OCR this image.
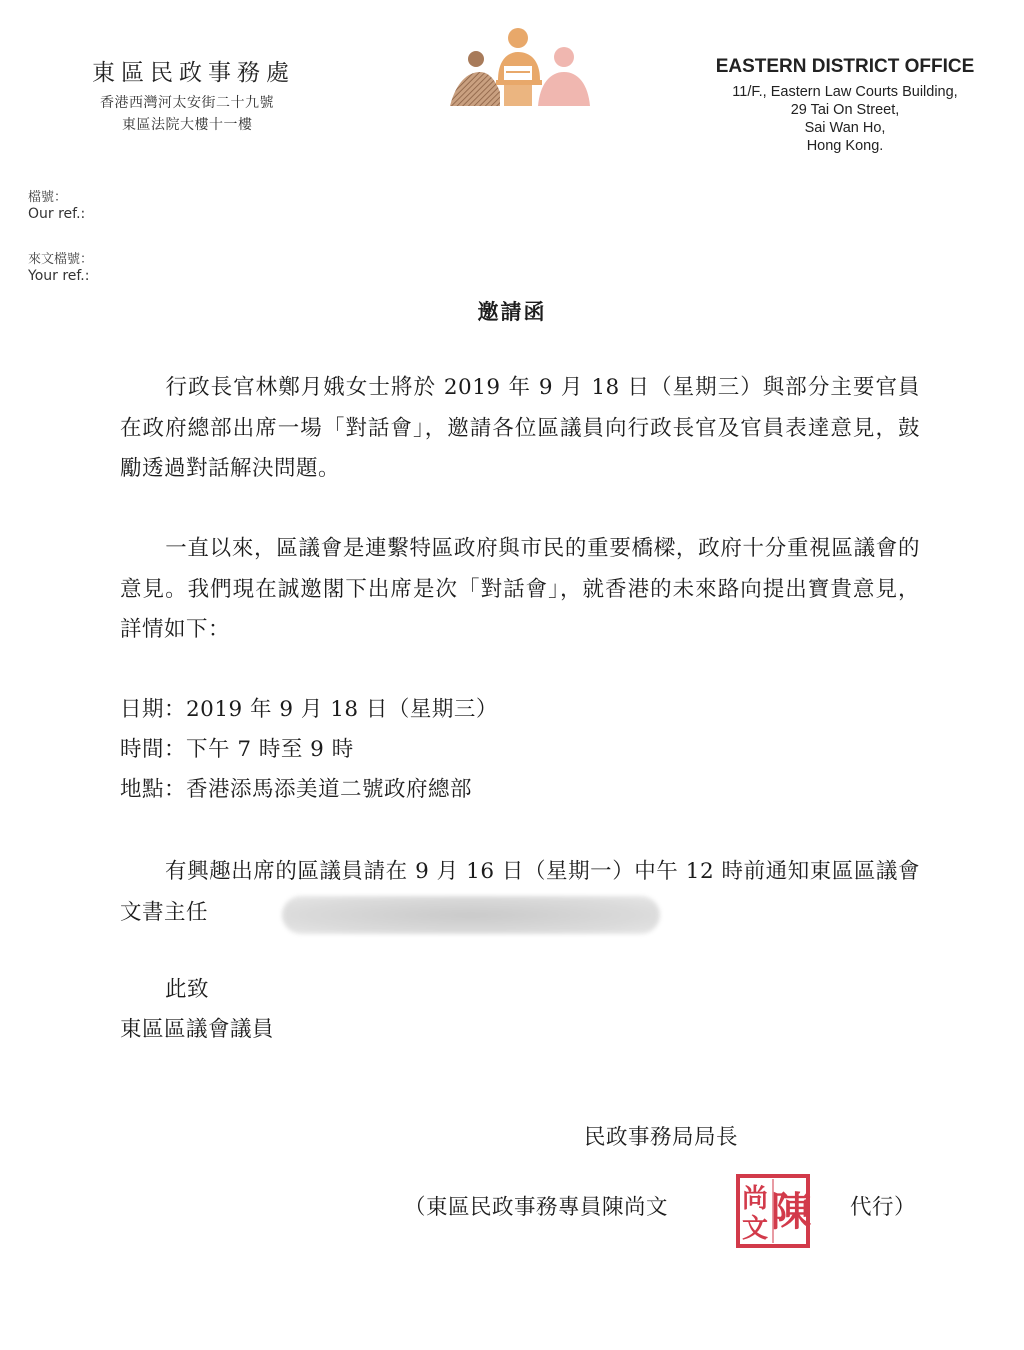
東區民政事務處
香港西灣河太安街二十九號
東區法院大樓十一樓
EASTERN DISTRICT OFFICE
11/F., Eastern Law Courts Building,
29 Tai On Street,
Sai Wan Ho,
Hong Kong.
檔號：
Our ref.:
來文檔號：
Your ref.:
邀請函
行政長官林鄭月娥女士將於 2019 年 9 月 18 日（星期三）與部分主要官員在政府總部出席一場「對話會」，邀請各位區議員向行政長官及官員表達意見，鼓勵透過對話解決問題。
一直以來，區議會是連繫特區政府與市民的重要橋樑，政府十分重視區議會的意見。我們現在誠邀閣下出席是次「對話會」，就香港的未來路向提出寶貴意見，詳情如下：
日期：2019 年 9 月 18 日（星期三）
時間：下午 7 時至 9 時
地點：香港添馬添美道二號政府總部
有興趣出席的區議員請在 9 月 16 日（星期一）中午 12 時前通知東區區議會文書主任
此致
東區區議會議員
民政事務局局長
（東區民政事務專員陳尚文	尚 陳
文
代行）
